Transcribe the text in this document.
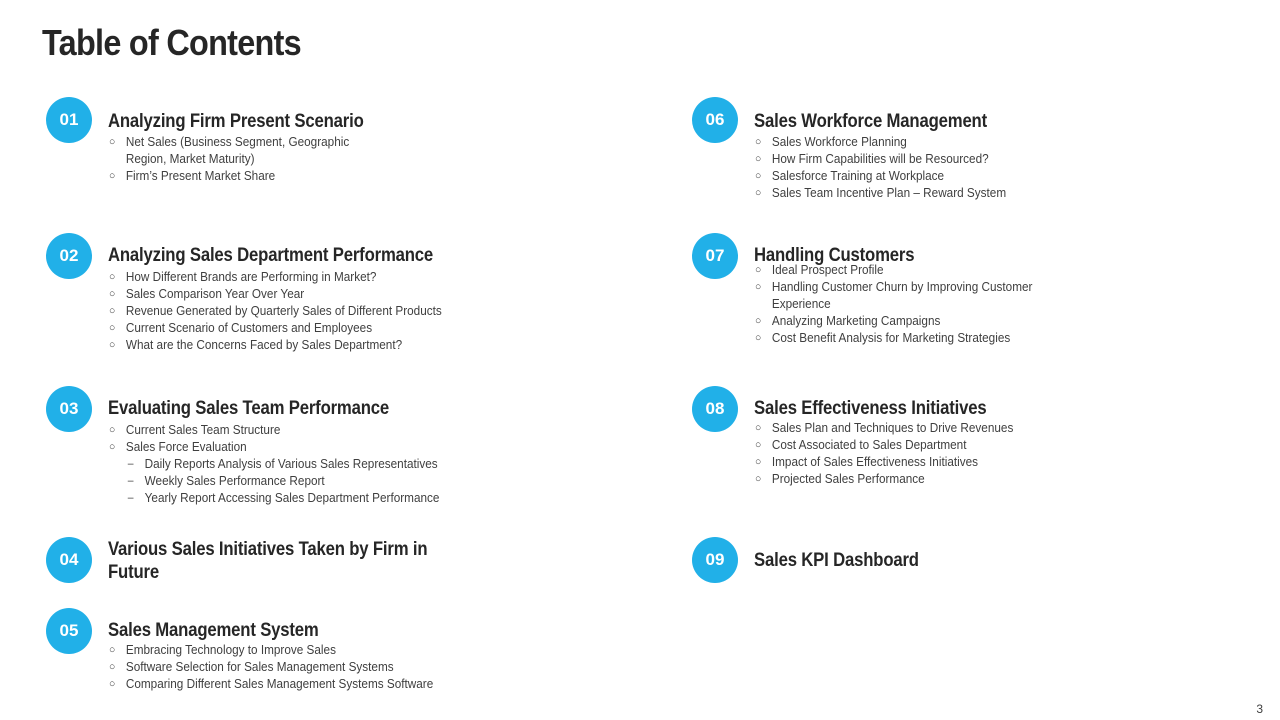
Table of Contents
01	Analyzing Firm Present Scenario
○ Net Sales (Business Segment, Geographic Region, Market Maturity)
○ Firm’s Present Market Share
02	Analyzing Sales Department Performance
○ How Different Brands are Performing in Market?
○ Sales Comparison Year Over Year
○ Revenue Generated by Quarterly Sales of Different Products
○ Current Scenario of Customers and Employees
○ What are the Concerns Faced by Sales Department?
03	Evaluating Sales Team Performance
○ Current Sales Team Structure
○ Sales Force Evaluation
– Daily Reports Analysis of Various Sales Representatives
– Weekly Sales Performance Report
– Yearly Report Accessing Sales Department Performance
04	Various Sales Initiatives Taken by Firm in Future
05	Sales Management System
○ Embracing Technology to Improve Sales
○ Software Selection for Sales Management Systems
○ Comparing Different Sales Management Systems Software
06	Sales Workforce Management
○ Sales Workforce Planning
○ How Firm Capabilities will be Resourced?
○ Salesforce Training at Workplace
○ Sales Team Incentive Plan – Reward System
07	Handling Customers
○ Ideal Prospect Profile
○ Handling Customer Churn by Improving Customer Experience
○ Analyzing Marketing Campaigns
○ Cost Benefit Analysis for Marketing Strategies
08	Sales Effectiveness Initiatives
○ Sales Plan and Techniques to Drive Revenues
○ Cost Associated to Sales Department
○ Impact of Sales Effectiveness Initiatives
○ Projected Sales Performance
09	Sales KPI Dashboard
3
